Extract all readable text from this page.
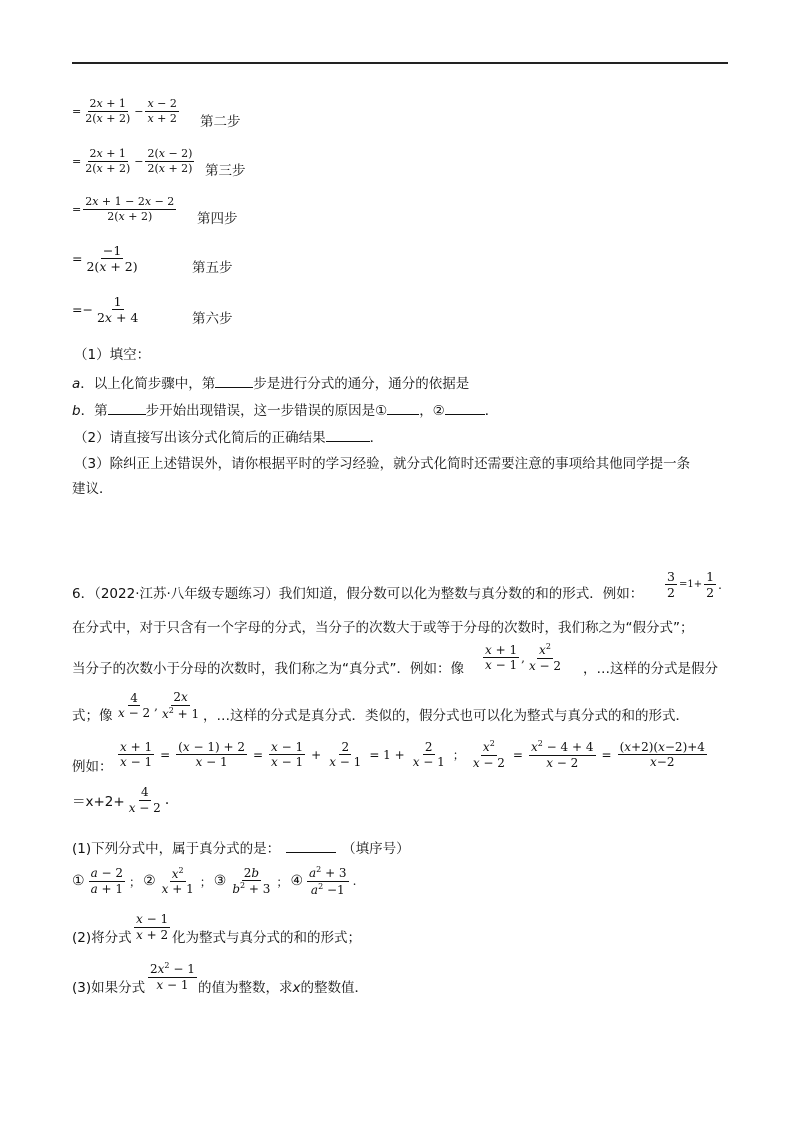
= $\frac{2x + 1}{2(x + 2)} - \frac{x - 2}{x + 2}$ 第二步
= $\frac{2x + 1}{2(x + 2)} - \frac{2(x - 2)}{2(x + 2)}$ 第三步
= $\frac{2x + 1 - 2x - 2}{2(x + 2)}$ 第四步
= $\frac{-1}{2(x + 2)}$	第五步
=− $\frac{1}{2x + 4}$	第六步
（1）填空：
a．以上化简步骤中，第	步是进行分式的通分，通分的依据是
b．第	步开始出现错误，这一步错误的原因是① ，②	．
（2）请直接写出该分式化简后的正确结果	．
（3）除纠正上述错误外，请你根据平时的学习经验，就分式化简时还需要注意的事项给其他同学提一条
建议．
6．（2022·江苏·八年级专题练习）我们知道，假分数可以化为整数与真分数的和的形式．例如： $\frac{3}{2} =1+ \frac{1}{2}$ .
在分式中，对于只含有一个字母的分式，当分子的次数大于或等于分母的次数时，我们称之为“假分式”；
当分子的次数小于分母的次数时，我们称之为“真分式”．例如：像 $\frac{x + 1}{x - 1}$ , $\frac{x^2}{x - 2}$ ，…这样的分式是假分
式；像 $\frac{4}{x - 2}$ , $\frac{2x}{x^2 + 1}$ ，…这样的分式是真分式．类似的，假分式也可以化为整式与真分式的和的形式．
例如： $\frac{x + 1}{x - 1} = \frac{(x - 1) + 2}{x - 1} = \frac{x - 1}{x - 1} + \frac{2}{x - 1} = 1 + \frac{2}{x - 1}$ ； $\frac{x^2}{x - 2} = \frac{x^2 - 4 + 4}{x - 2} = \frac{(x+2)(x-2)+4}{x-2}$
$=x+2+ \frac{4}{x - 2}$ .
(1)下列分式中，属于真分式的是：	（填序号）
① $\frac{a - 2}{a + 1}$ ； ② $\frac{x^2}{x + 1}$ ； ③ $\frac{2b}{b^2 + 3}$ ； ④ $\frac{a^2 + 3}{a^2 -1}$ .
(2)将分式 $\frac{x - 1}{x + 2}$ 化为整式与真分式的和的形式；
(3)如果分式 $\frac{2x^2 - 1}{x - 1}$ 的值为整数，求x的整数值．
